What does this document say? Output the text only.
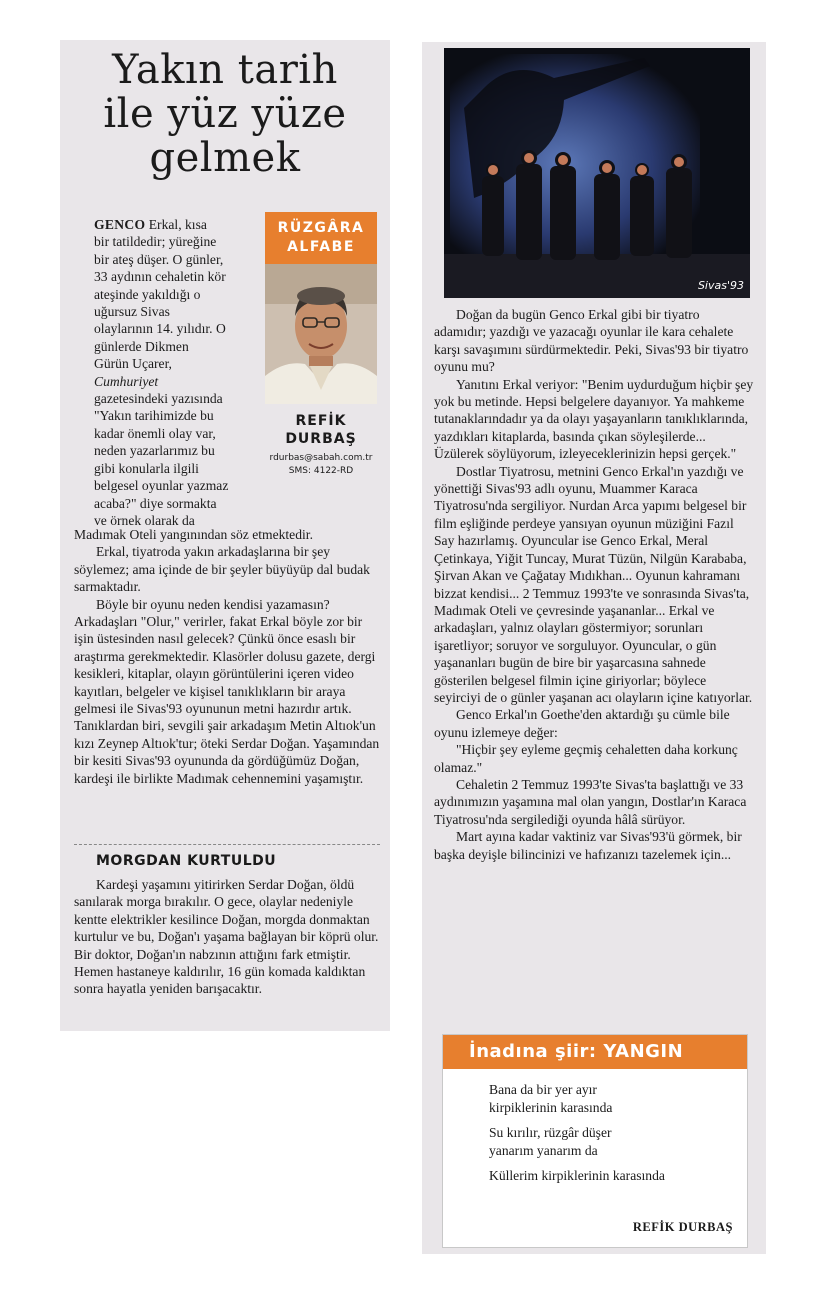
Yakın tarih
ile yüz yüze
gelmek

GENCO Erkal, kısa

bir tatildedir; yüreğine

bir ateş düşer. O günler,

33 aydının cehaletin kör

ateşinde yakıldığı o

uğursuz Sivas

olaylarının 14. yılıdır. O

günlerde Dikmen

Gürün Uçarer,

Cumhuriyet

gazetesindeki yazısında

"Yakın tarihimizde bu

kadar önemli olay var,

neden yazarlarımız bu

gibi konularla ilgili

belgesel oyunlar yazmaz

acaba?" diye sormakta

ve örnek olarak da

RÜZGÂRA
ALFABE
REFİK
DURBAŞ
rdurbas@sabah.com.tr
SMS: 4122-RD

Madımak Oteli yangınından söz etmektedir.

Erkal, tiyatroda yakın arkadaşlarına bir şey söylemez; ama içinde de bir şeyler büyüyüp dal budak sarmaktadır.

Böyle bir oyunu neden kendisi yazamasın? Arkadaşları "Olur," verirler, fakat Erkal böyle zor bir işin üstesinden nasıl gelecek? Çünkü önce esaslı bir araştırma gerekmektedir. Klasörler dolusu gazete, dergi kesikleri, kitaplar, olayın görüntülerini içeren video kayıtları, belgeler ve kişisel tanıklıkların bir araya gelmesi ile Sivas'93 oyununun metni hazırdır artık. Tanıklardan biri, sevgili şair arkadaşım Metin Altıok'un kızı Zeynep Altıok'tur; öteki Serdar Doğan. Yaşamından bir kesiti Sivas'93 oyununda da gördüğümüz Doğan, kardeşi ile birlikte Madımak cehennemini yaşamıştır.

MORGDAN KURTULDU

Kardeşi yaşamını yitirirken Serdar Doğan, öldü sanılarak morga bırakılır. O gece, olaylar nedeniyle kentte elektrikler kesilince Doğan, morgda donmaktan kurtulur ve bu, Doğan'ı yaşama bağlayan bir köprü olur. Bir doktor, Doğan'ın nabzının attığını fark etmiştir. Hemen hastaneye kaldırılır, 16 gün komada kaldıktan sonra hayatla yeniden barışacaktır.

Sivas'93

Doğan da bugün Genco Erkal gibi bir tiyatro adamıdır; yazdığı ve yazacağı oyunlar ile kara cehalete karşı savaşımını sürdürmektedir. Peki, Sivas'93 bir tiyatro oyunu mu?

Yanıtını Erkal veriyor: "Benim uydurduğum hiçbir şey yok bu metinde. Hepsi belgelere dayanıyor. Ya mahkeme tutanaklarındadır ya da olayı yaşayanların tanıklıklarında, yazdıkları kitaplarda, basında çıkan söyleşilerde... Üzülerek söylüyorum, izleyeceklerinizin hepsi gerçek."

Dostlar Tiyatrosu, metnini Genco Erkal'ın yazdığı ve yönettiği Sivas'93 adlı oyunu, Muammer Karaca Tiyatrosu'nda sergiliyor. Nurdan Arca yapımı belgesel bir film eşliğinde perdeye yansıyan oyunun müziğini Fazıl Say hazırlamış. Oyuncular ise Genco Erkal, Meral Çetinkaya, Yiğit Tuncay, Murat Tüzün, Nilgün Karababa, Şirvan Akan ve Çağatay Mıdıkhan... Oyunun kahramanı bizzat kendisi... 2 Temmuz 1993'te ve sonrasında Sivas'ta, Madımak Oteli ve çevresinde yaşananlar... Erkal ve arkadaşları, yalnız olayları göstermiyor; sorunları işaretliyor; soruyor ve sorguluyor. Oyuncular, o gün yaşananları bugün de bire bir yaşarcasına sahnede gösterilen belgesel filmin içine giriyorlar; böylece seyirciyi de o günler yaşanan acı olayların içine katıyorlar.

Genco Erkal'ın Goethe'den aktardığı şu cümle bile oyunu izlemeye değer:

"Hiçbir şey eyleme geçmiş cehaletten daha korkunç olamaz."

Cehaletin 2 Temmuz 1993'te Sivas'ta başlattığı ve 33 aydınımızın yaşamına mal olan yangın, Dostlar'ın Karaca Tiyatrosu'nda sergilediği oyunda hâlâ sürüyor.

Mart ayına kadar vaktiniz var Sivas'93'ü görmek, bir başka deyişle bilincinizi ve hafızanızı tazelemek için...

İnadına şiir: YANGIN

Bana da bir yer ayır

kirpiklerinin karasında

Su kırılır, rüzgâr düşer

yanarım yanarım da

Küllerim kirpiklerinin karasında

REFİK DURBAŞ
